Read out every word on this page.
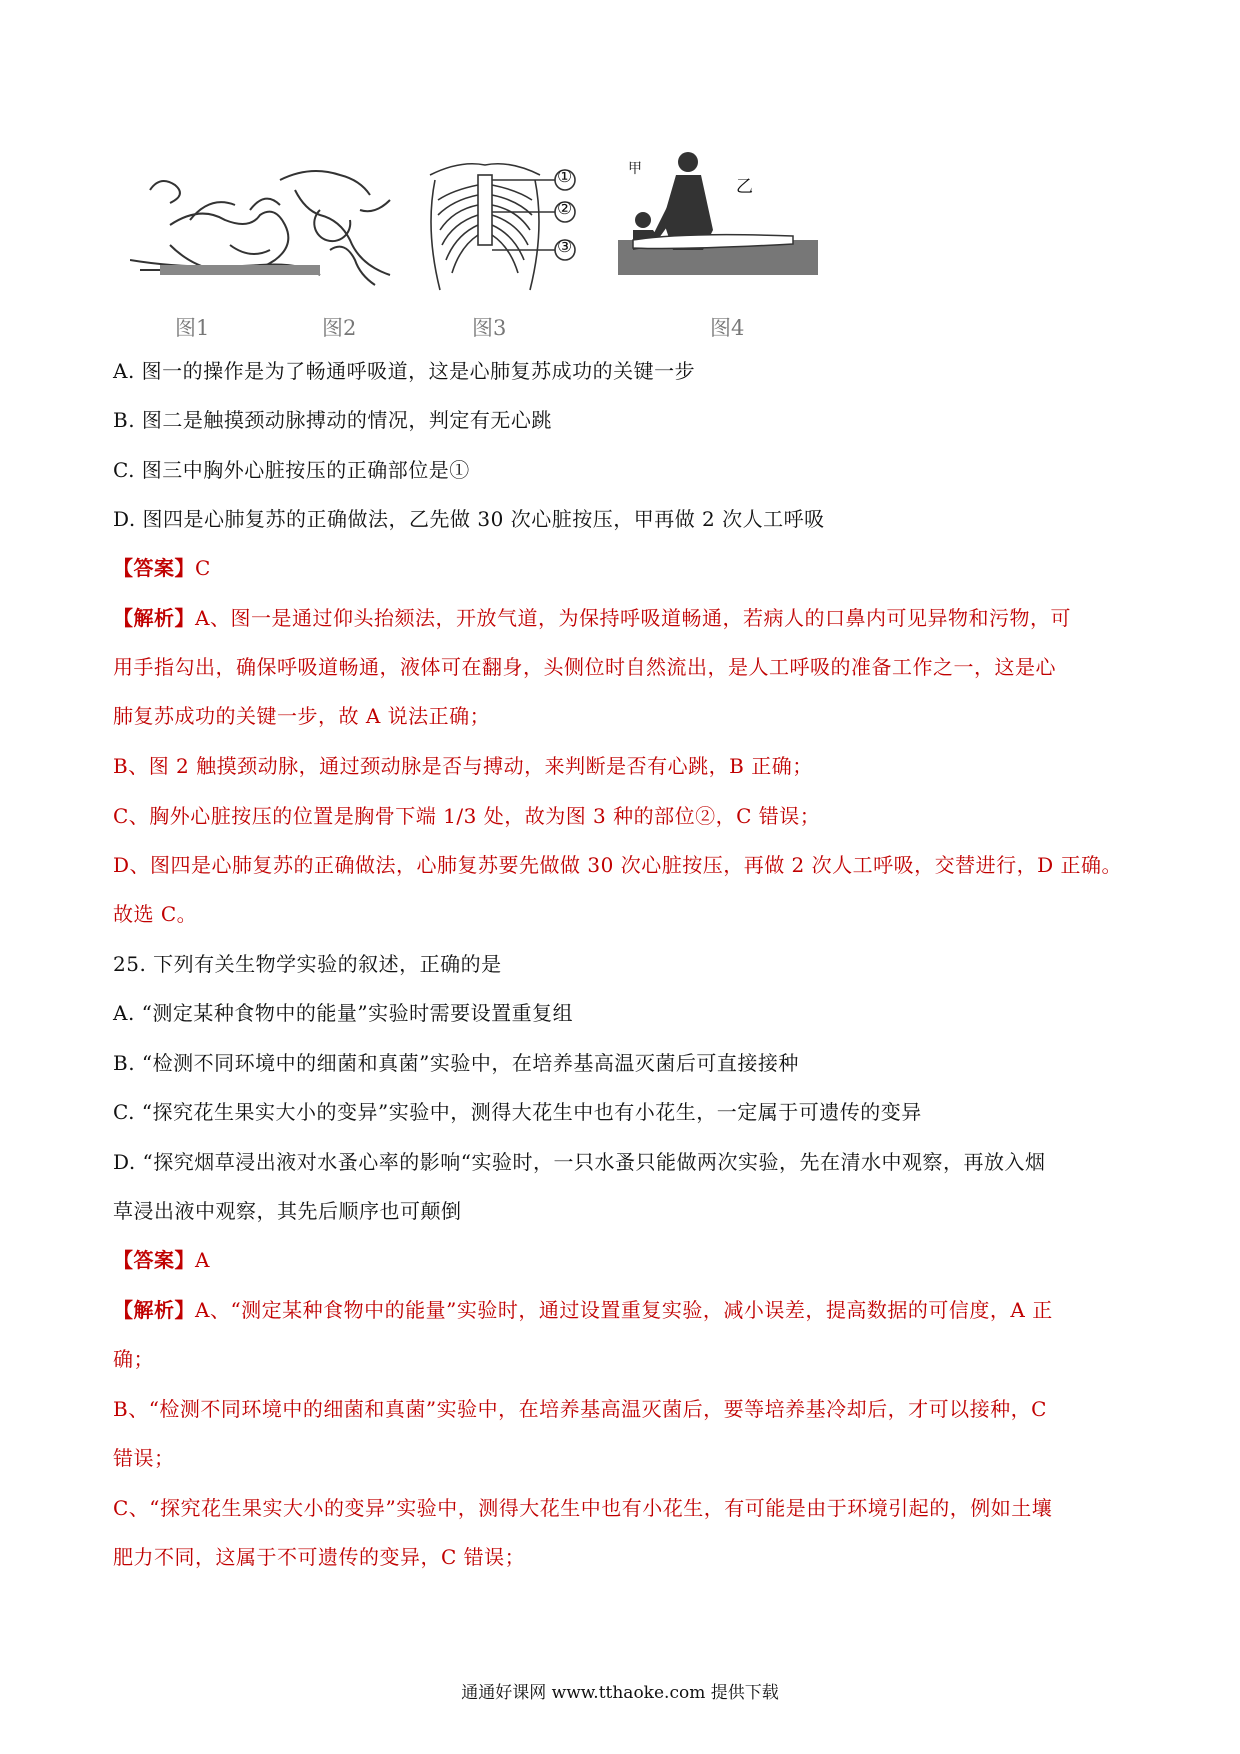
①
②
③
甲
乙
图1	图2	图3	图4
A. 图一的操作是为了畅通呼吸道，这是心肺复苏成功的关键一步
B. 图二是触摸颈动脉搏动的情况，判定有无心跳
C. 图三中胸外心脏按压的正确部位是①
D. 图四是心肺复苏的正确做法，乙先做 30 次心脏按压，甲再做 2 次人工呼吸
【答案】C
【解析】A、图一是通过仰头抬颏法，开放气道，为保持呼吸道畅通，若病人的口鼻内可见异物和污物，可
用手指勾出，确保呼吸道畅通，液体可在翻身，头侧位时自然流出，是人工呼吸的准备工作之一，这是心
肺复苏成功的关键一步，故 A 说法正确；
B、图 2 触摸颈动脉，通过颈动脉是否与搏动，来判断是否有心跳，B 正确；
C、胸外心脏按压的位置是胸骨下端 1/3 处，故为图 3 种的部位②，C 错误；
D、图四是心肺复苏的正确做法，心肺复苏要先做做 30 次心脏按压，再做 2 次人工呼吸，交替进行，D 正确。
故选 C。
25. 下列有关生物学实验的叙述，正确的是
A. “测定某种食物中的能量”实验时需要设置重复组
B. “检测不同环境中的细菌和真菌”实验中，在培养基高温灭菌后可直接接种
C. “探究花生果实大小的变异”实验中，测得大花生中也有小花生，一定属于可遗传的变异
D. “探究烟草浸出液对水蚤心率的影响“实验时，一只水蚤只能做两次实验，先在清水中观察，再放入烟
草浸出液中观察，其先后顺序也可颠倒
【答案】A
【解析】A、“测定某种食物中的能量”实验时，通过设置重复实验，减小误差，提高数据的可信度，A 正
确；
B、“检测不同环境中的细菌和真菌”实验中，在培养基高温灭菌后，要等培养基冷却后，才可以接种，C
错误；
C、“探究花生果实大小的变异”实验中，测得大花生中也有小花生，有可能是由于环境引起的，例如土壤
肥力不同，这属于不可遗传的变异，C 错误；
通通好课网 www.tthaoke.com 提供下载
